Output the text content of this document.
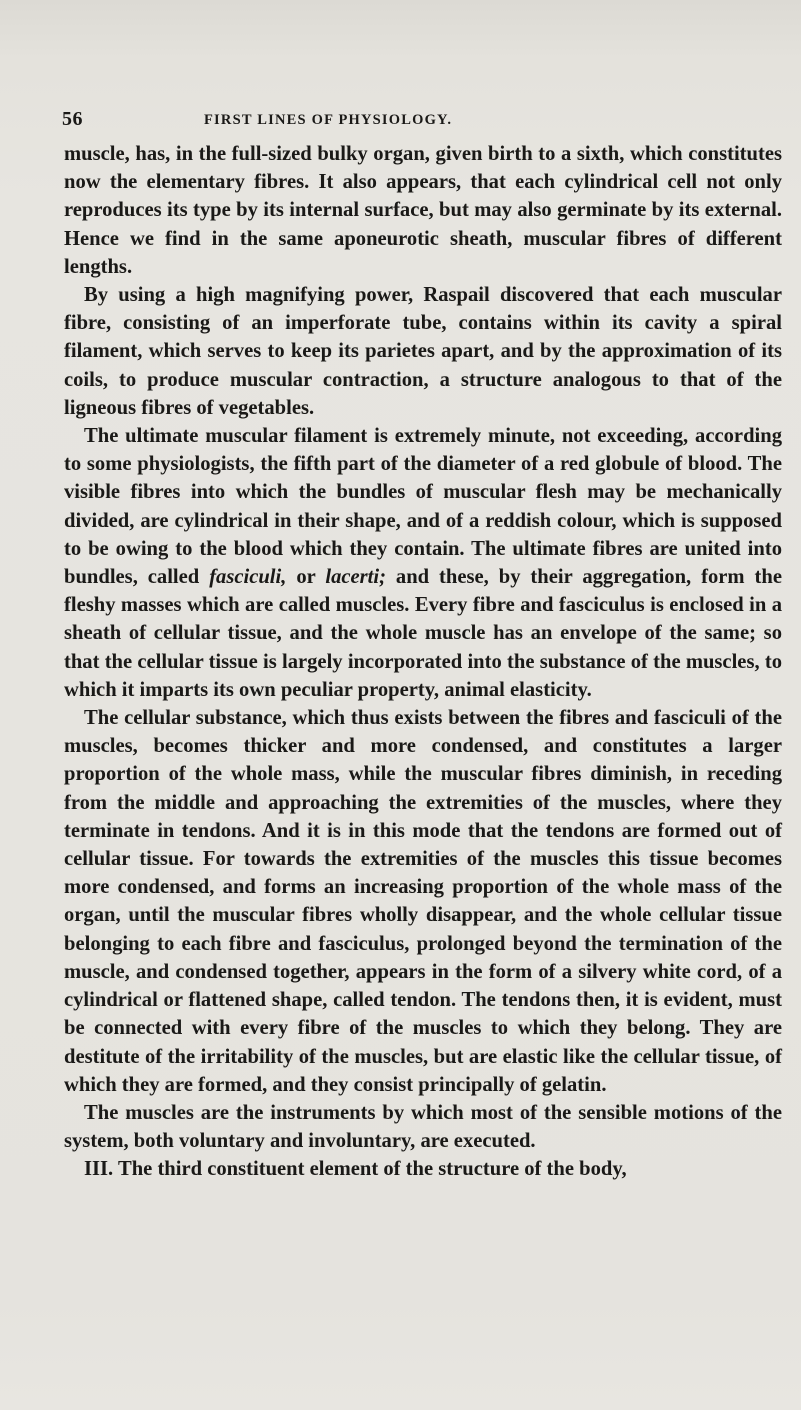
56	FIRST LINES OF PHYSIOLOGY.

muscle, has, in the full-sized bulky organ, given birth to a sixth, which constitutes now the elementary fibres. It also appears, that each cylindrical cell not only reproduces its type by its internal surface, but may also germinate by its external. Hence we find in the same aponeurotic sheath, muscular fibres of different lengths.

By using a high magnifying power, Raspail discovered that each muscular fibre, consisting of an imperforate tube, contains within its cavity a spiral filament, which serves to keep its parietes apart, and by the approximation of its coils, to produce muscular contraction, a structure analogous to that of the ligneous fibres of vegetables.

The ultimate muscular filament is extremely minute, not exceeding, according to some physiologists, the fifth part of the diameter of a red globule of blood. The visible fibres into which the bundles of muscular flesh may be mechanically divided, are cylindrical in their shape, and of a reddish colour, which is supposed to be owing to the blood which they contain. The ultimate fibres are united into bundles, called fasciculi, or lacerti; and these, by their aggregation, form the fleshy masses which are called muscles. Every fibre and fasciculus is enclosed in a sheath of cellular tissue, and the whole muscle has an envelope of the same; so that the cellular tissue is largely incorporated into the substance of the muscles, to which it imparts its own peculiar property, animal elasticity.

The cellular substance, which thus exists between the fibres and fasciculi of the muscles, becomes thicker and more condensed, and constitutes a larger proportion of the whole mass, while the muscular fibres diminish, in receding from the middle and approaching the extremities of the muscles, where they terminate in tendons. And it is in this mode that the tendons are formed out of cellular tissue. For towards the extremities of the muscles this tissue becomes more condensed, and forms an increasing proportion of the whole mass of the organ, until the muscular fibres wholly disappear, and the whole cellular tissue belonging to each fibre and fasciculus, prolonged beyond the termination of the muscle, and condensed together, appears in the form of a silvery white cord, of a cylindrical or flattened shape, called tendon. The tendons then, it is evident, must be connected with every fibre of the muscles to which they belong. They are destitute of the irritability of the muscles, but are elastic like the cellular tissue, of which they are formed, and they consist principally of gelatin.

The muscles are the instruments by which most of the sensible motions of the system, both voluntary and involuntary, are executed.

III. The third constituent element of the structure of the body,
